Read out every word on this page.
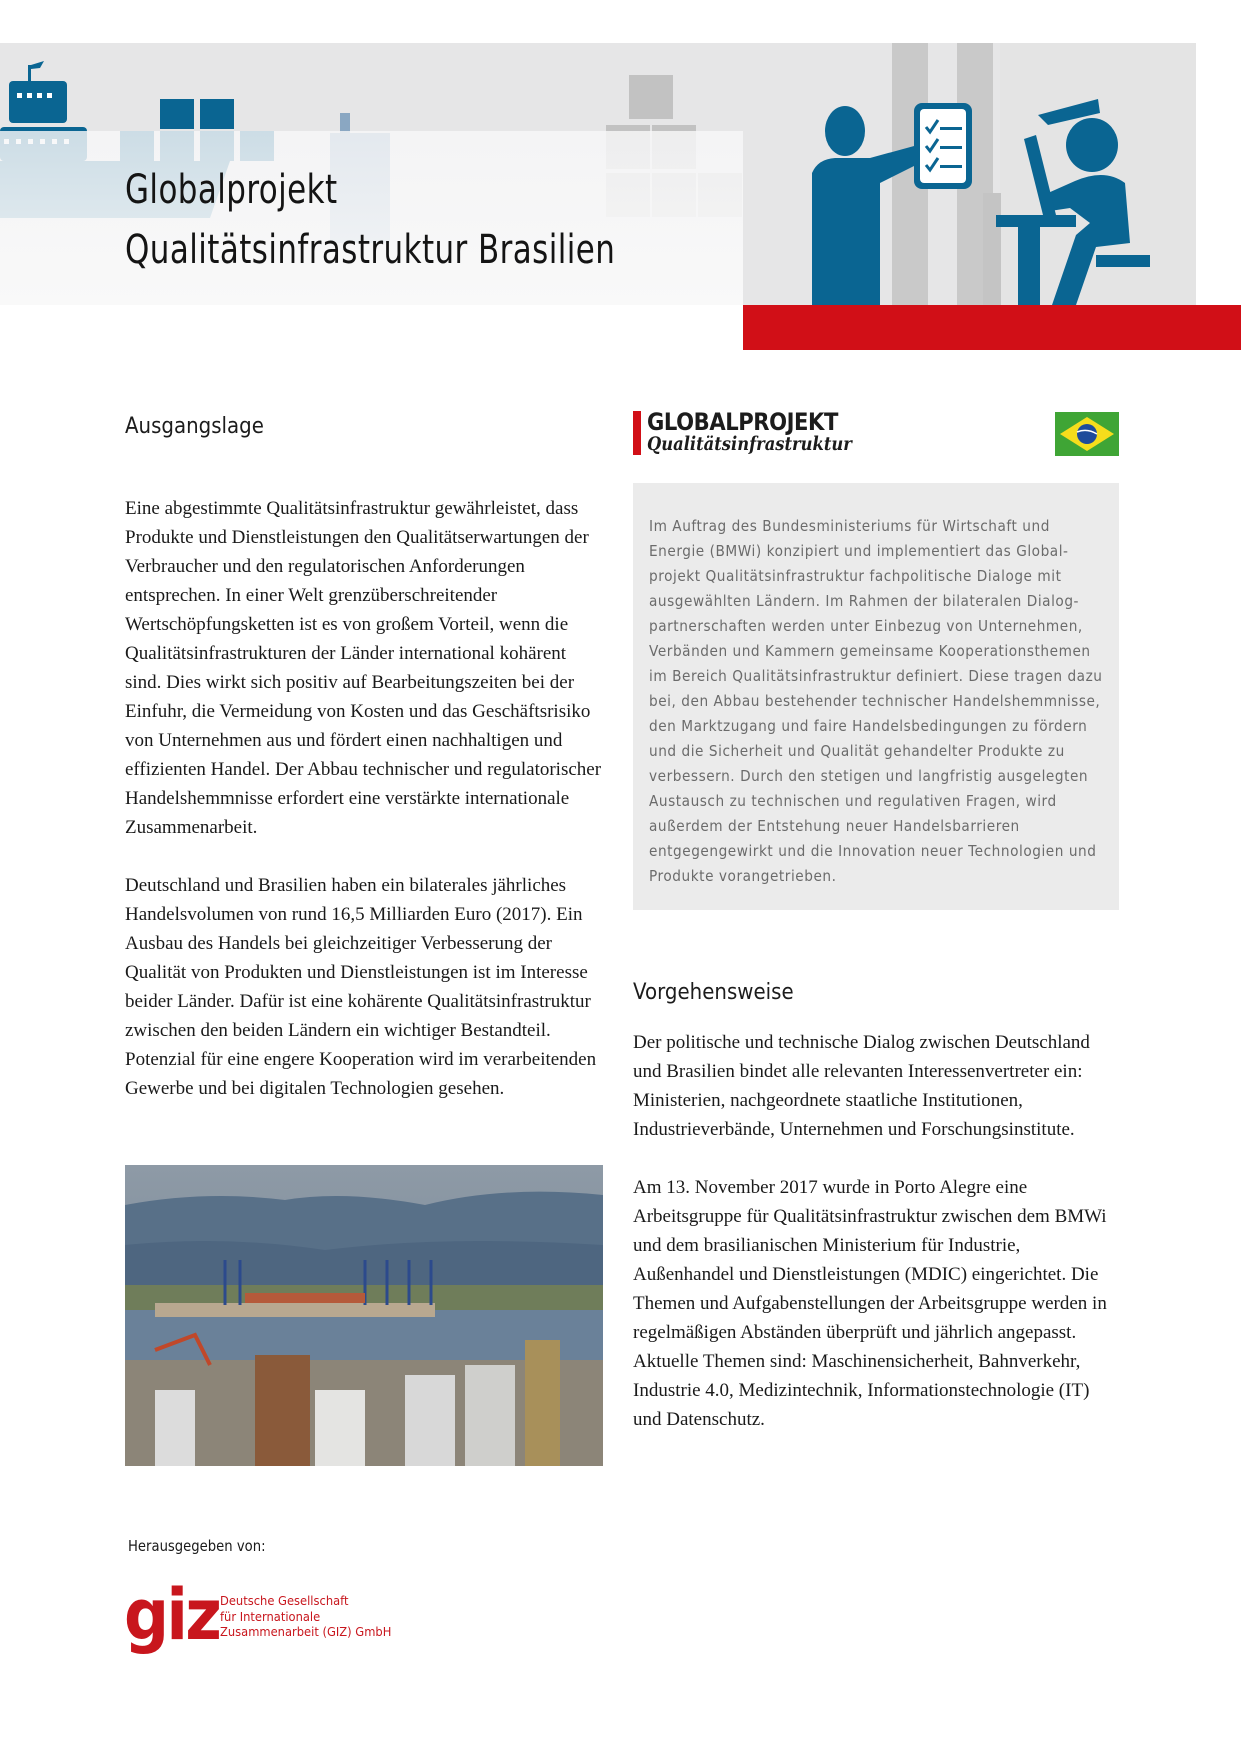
Globalprojekt
Qualitätsinfrastruktur Brasilien
Ausgangslage

Eine abgestimmte Qualitätsinfrastruktur gewährleistet, dass Produkte und Dienstleistungen den Qualitätserwartungen der Verbraucher und den regulatorischen Anforderungen entsprechen. In einer Welt grenzüberschreitender Wertschöpfungsketten ist es von großem Vorteil, wenn die Qualitätsinfrastrukturen der Länder international kohärent sind. Dies wirkt sich positiv auf Bearbeitungszeiten bei der Einfuhr, die Vermeidung von Kosten und das Geschäftsrisiko von Unternehmen aus und fördert einen nachhaltigen und effizienten Handel. Der Abbau technischer und regulatorischer Handelshemmnisse erfordert eine verstärkte internationale Zusammenarbeit.

Deutschland und Brasilien haben ein bilaterales jährliches Handelsvolumen von rund 16,5 Milliarden Euro (2017). Ein Ausbau des Handels bei gleichzeitiger Verbesserung der Qualität von Produkten und Dienstleistungen ist im Interesse beider Länder. Dafür ist eine kohärente Qualitätsinfrastruktur zwischen den beiden Ländern ein wichtiger Bestandteil. Potenzial für eine engere Kooperation wird im verarbeitenden Gewerbe und bei digitalen Technologien gesehen.

GLOBALPROJEKT
Qualitätsinfrastruktur
Im Auftrag des Bundesministeriums für Wirtschaft und Energie (BMWi) konzipiert und implementiert das Globalprojekt Qualitätsinfrastruktur fachpolitische Dialoge mit ausgewählten Ländern. Im Rahmen der bilateralen Dialogpartnerschaften werden unter Einbezug von Unternehmen, Verbänden und Kammern gemeinsame Kooperationsthemen im Bereich Qualitätsinfrastruktur definiert. Diese tragen dazu bei, den Abbau bestehender technischer Handelshemmnisse, den Marktzugang und faire Handelsbedingungen zu fördern und die Sicherheit und Qualität gehandelter Produkte zu verbessern. Durch den stetigen und langfristig ausgelegten Austausch zu technischen und regulativen Fragen, wird außerdem der Entstehung neuer Handelsbarrieren entgegengewirkt und die Innovation neuer Technologien und Produkte vorangetrieben.
Vorgehensweise

Der politische und technische Dialog zwischen Deutschland und Brasilien bindet alle relevanten Interessenvertreter ein: Ministerien, nachgeordnete staatliche Institutionen, Industrieverbände, Unternehmen und Forschungsinstitute.

Am 13. November 2017 wurde in Porto Alegre eine Arbeitsgruppe für Qualitätsinfrastruktur zwischen dem BMWi und dem brasilianischen Ministerium für Industrie, Außenhandel und Dienstleistungen (MDIC) eingerichtet. Die Themen und Aufgabenstellungen der Arbeitsgruppe werden in regelmäßigen Abständen überprüft und jährlich angepasst. Aktuelle Themen sind: Maschinensicherheit, Bahnverkehr, Industrie 4.0, Medizintechnik, Informationstechnologie (IT) und Datenschutz.

Herausgegeben von:
giz Deutsche Gesellschaft
für Internationale
Zusammenarbeit (GIZ) GmbH
